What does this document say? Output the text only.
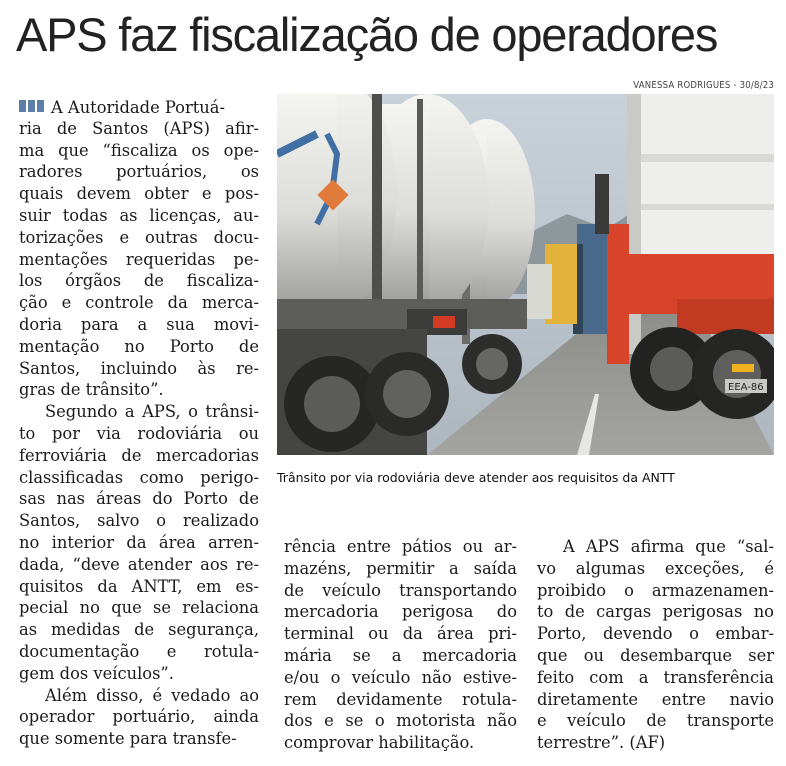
APS faz fiscalização de operadores
VANESSA RODRIGUES - 30/8/23
EEA-86
Trânsito por via rodoviária deve atender aos requisitos da ANTT
A Autoridade Portuá-
ria de Santos (APS) afir-
ma que “fiscaliza os ope-
radores portuários, os
quais devem obter e pos-
suir todas as licenças, au-
torizações e outras docu-
mentações requeridas pe-
los órgãos de fiscaliza-
ção e controle da merca-
doria para a sua movi-
mentação no Porto de
Santos, incluindo às re-
gras de trânsito”.
Segundo a APS, o trânsi-
to por via rodoviária ou
ferroviária de mercadorias
classificadas como perigo-
sas nas áreas do Porto de
Santos, salvo o realizado
no interior da área arren-
dada, “deve atender aos re-
quisitos da ANTT, em es-
pecial no que se relaciona
as medidas de segurança,
documentação e rotula-
gem dos veículos”.
Além disso, é vedado ao
operador portuário, ainda
que somente para transfe-
rência entre pátios ou ar-
mazéns, permitir a saída
de veículo transportando
mercadoria perigosa do
terminal ou da área pri-
mária se a mercadoria
e/ou o veículo não estive-
rem devidamente rotula-
dos e se o motorista não
comprovar habilitação.
A APS afirma que “sal-
vo algumas exceções, é
proibido o armazenamen-
to de cargas perigosas no
Porto, devendo o embar-
que ou desembarque ser
feito com a transferência
diretamente entre navio
e veículo de transporte
terrestre”. (AF)
